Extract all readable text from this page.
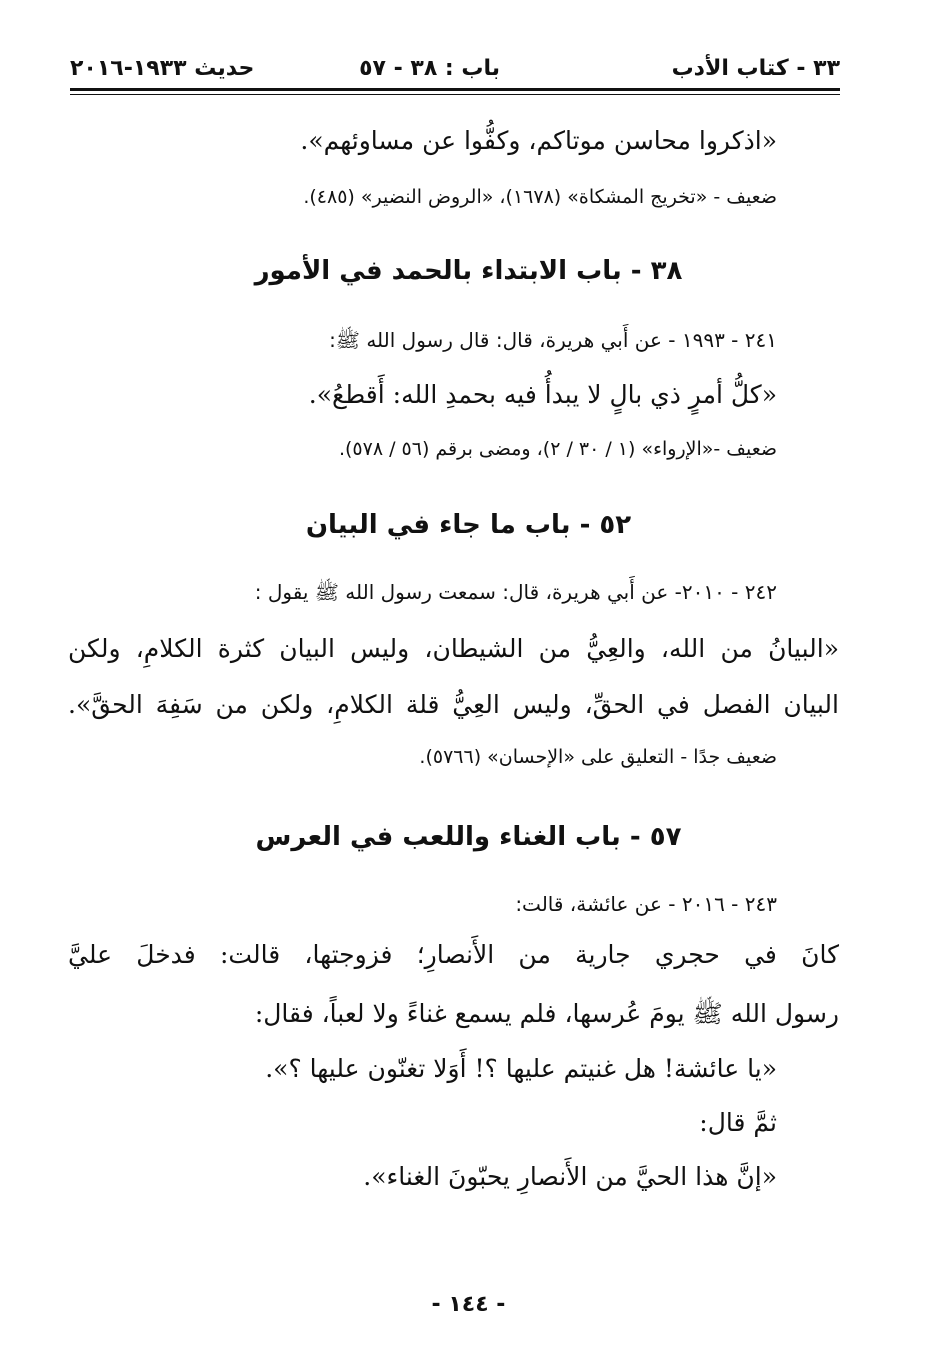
٣٣ - كتاب الأدب
باب : ٣٨ - ٥٧
حديث ١٩٣٣-٢٠١٦
«اذكروا محاسن موتاكم، وكفُّوا عن مساوئهم».
ضعيف - «تخريج المشكاة» (١٦٧٨)، «الروض النضير» (٤٨٥).
٣٨ - باب الابتداء بالحمد في الأمور
٢٤١ - ١٩٩٣ - عن أَبي هريرة، قال: قال رسول الله ﷺ:
«كلُّ أمرٍ ذي بالٍ لا يبدأُ فيه بحمدِ الله: أَقطعُ».
ضعيف -«الإرواء» (١ / ٣٠ / ٢)، ومضى برقم (٥٦ / ٥٧٨).
٥٢ - باب ما جاء في البيان
٢٤٢ - ٢٠١٠- عن أَبي هريرة، قال: سمعت رسول الله ﷺ يقول :
«البيانُ من الله، والعِيُّ من الشيطان، وليس البيان كثرة الكلامِ، ولكن
البيان الفصل في الحقِّ، وليس العِيُّ قلة الكلامِ، ولكن من سَفِهَ الحقَّ».
ضعيف جدًا - التعليق على «الإحسان» (٥٧٦٦).
٥٧ - باب الغناء واللعب في العرس
٢٤٣ - ٢٠١٦ - عن عائشة، قالت:
كانَ في حجري جارية من الأَنصارِ؛ فزوجتها، قالت: فدخلَ عليَّ
رسول الله ﷺ يومَ عُرسها، فلم يسمع غناءً ولا لعباً، فقال:
«يا عائشة! هل غنيتم عليها ؟! أَوَلا تغنّون عليها ؟».
ثمَّ قال:
«إنَّ هذا الحيَّ من الأَنصارِ يحبّونَ الغناء».
- ١٤٤ -
